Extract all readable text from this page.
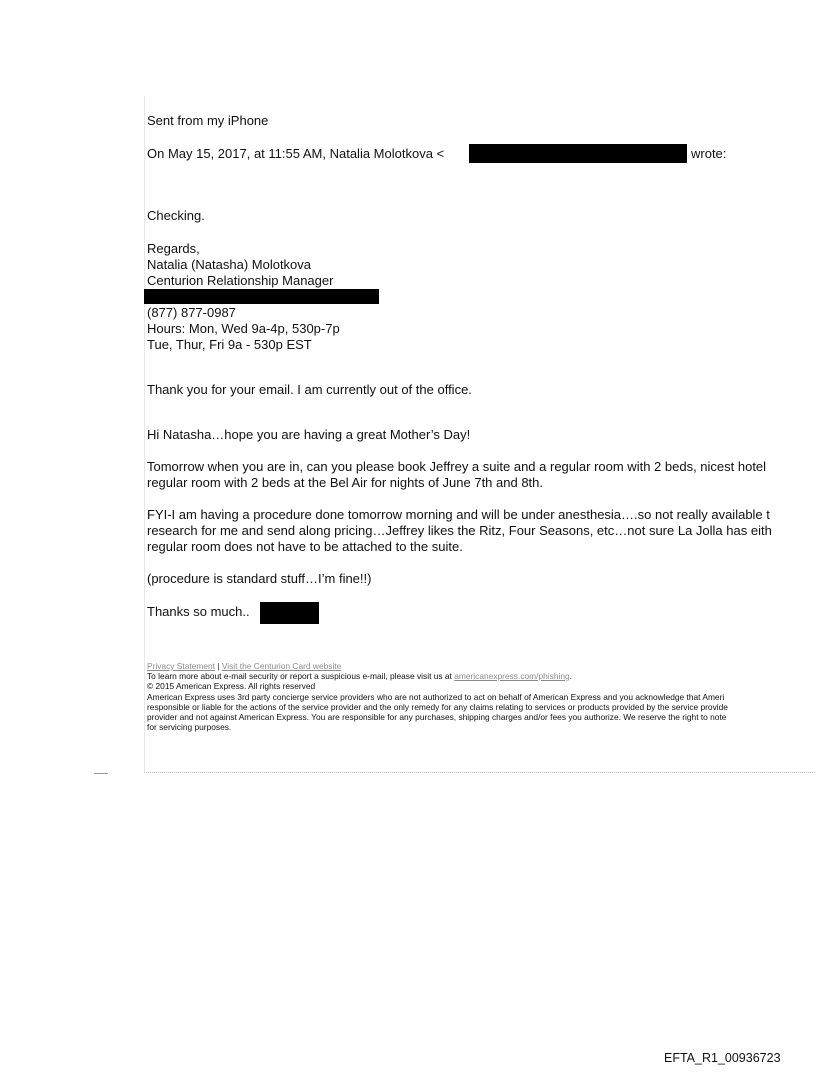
Sent from my iPhone
On May 15, 2017, at 11:55 AM, Natalia Molotkova <	wrote:
Checking.
Regards,
Natalia (Natasha) Molotkova
Centurion Relationship Manager
(877) 877-0987
Hours: Mon, Wed 9a-4p, 530p-7p
Tue, Thur, Fri 9a - 530p EST
Thank you for your email. I am currently out of the office.
Hi Natasha…hope you are having a great Mother’s Day!
Tomorrow when you are in, can you please book Jeffrey a suite and a regular room with 2 beds, nicest hotel
regular room with 2 beds at the Bel Air for nights of June 7th and 8th.
FYI-I am having a procedure done tomorrow morning and will be under anesthesia….so not really available t
research for me and send along pricing…Jeffrey likes the Ritz, Four Seasons, etc…not sure La Jolla has eith
regular room does not have to be attached to the suite.
(procedure is standard stuff…I’m fine!!)
Thanks so much..
Privacy Statement | Visit the Centurion Card website
To learn more about e-mail security or report a suspicious e-mail, please visit us at americanexpress.com/phishing.
© 2015 American Express. All rights reserved
American Express uses 3rd party concierge service providers who are not authorized to act on behalf of American Express and you acknowledge that Ameri
responsible or liable for the actions of the service provider and the only remedy for any claims relating to services or products provided by the service provide
provider and not against American Express. You are responsible for any purchases, shipping charges and/or fees you authorize. We reserve the right to note
for servicing purposes.
EFTA_R1_00936723
